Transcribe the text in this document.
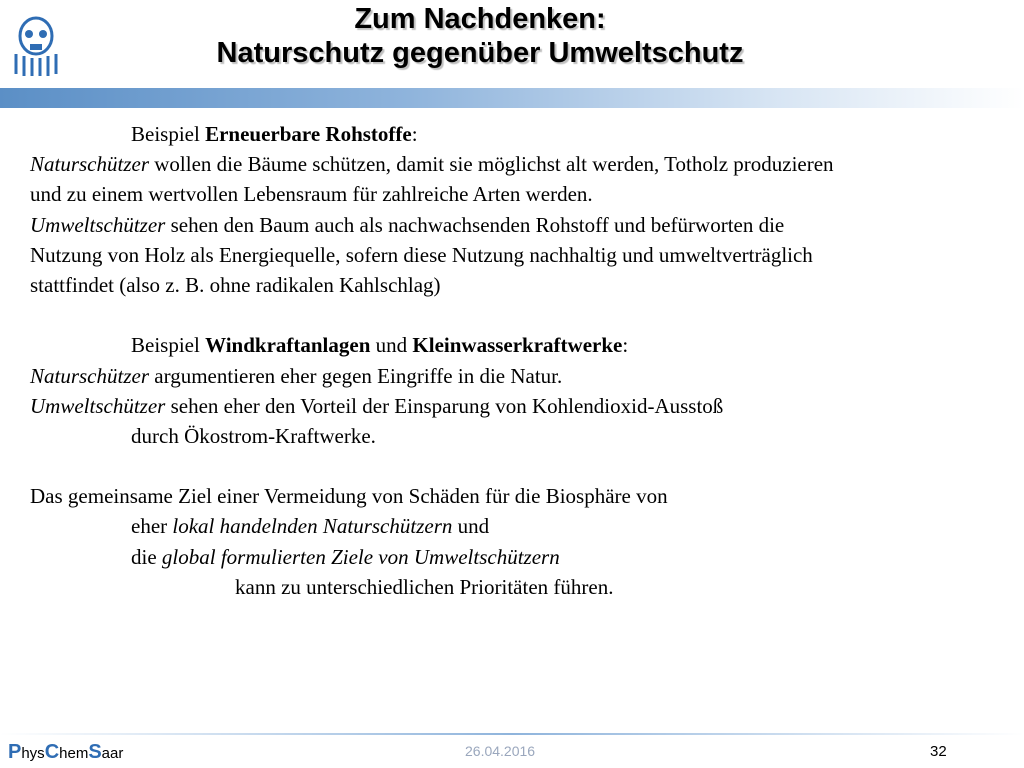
Zum Nachdenken:
Naturschutz gegenüber Umweltschutz
Beispiel Erneuerbare Rohstoffe:
Naturschützer wollen die Bäume schützen, damit sie möglichst alt werden, Totholz produzieren
und zu einem wertvollen Lebensraum für zahlreiche Arten werden.
Umweltschützer sehen den Baum auch als nachwachsenden Rohstoff und befürworten die
Nutzung von Holz als Energiequelle, sofern diese Nutzung nachhaltig und umweltverträglich
stattfindet (also z. B. ohne radikalen Kahlschlag)
Beispiel Windkraftanlagen und Kleinwasserkraftwerke:
Naturschützer argumentieren eher gegen Eingriffe in die Natur.
Umweltschützer sehen eher den Vorteil der Einsparung von Kohlendioxid-Ausstoß
durch Ökostrom-Kraftwerke.
Das gemeinsame Ziel einer Vermeidung von Schäden für die Biosphäre von
eher lokal handelnden Naturschützern und
die global formulierten Ziele von Umweltschützern
kann zu unterschiedlichen Prioritäten führen.
PhysChemSaar	26.04.2016	32
